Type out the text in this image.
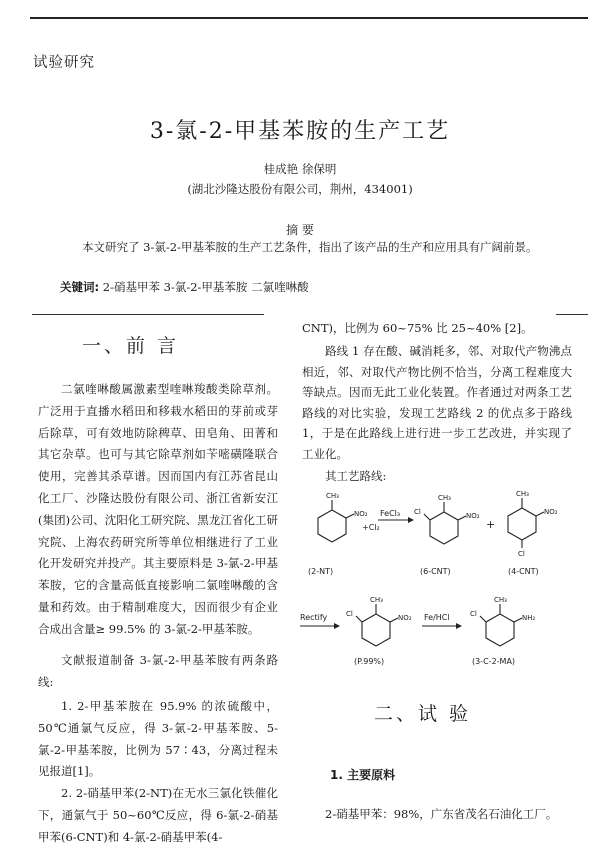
试验研究
3-氯-2-甲基苯胺的生产工艺
桂成艳 徐保明
(湖北沙隆达股份有限公司，荆州，434001)
摘 要
本文研究了 3-氯-2-甲基苯胺的生产工艺条件，指出了该产品的生产和应用具有广阔前景。
关键词: 2-硝基甲苯 3-氯-2-甲基苯胺 二氯喹啉酸
一、前 言
二氯喹啉酸属激素型喹啉羧酸类除草剂。广泛用于直播水稻田和移栽水稻田的芽前或芽后除草，可有效地防除稗草、田皂角、田菁和其它杂草。也可与其它除草剂如苄嘧磺隆联合使用，完善其杀草谱。因而国内有江苏省昆山化工厂、沙隆达股份有限公司、浙江省新安江(集团)公司、沈阳化工研究院、黑龙江省化工研究院、上海农药研究所等单位相继进行了工业化开发研究并投产。其主要原料是 3-氯-2-甲基苯胺，它的含量高低直接影响二氯喹啉酸的含量和药效。由于精制难度大，因而很少有企业合成出含量≥ 99.5% 的 3-氯-2-甲基苯胺。
文献报道制备 3-氯-2-甲基苯胺有两条路线:
1. 2-甲基苯胺在 95.9% 的浓硫酸中，50℃通氯气反应，得 3-氯-2-甲基苯胺、5-氯-2-甲基苯胺，比例为 57∶43，分离过程未见报道[1]。
2. 2-硝基甲苯(2-NT)在无水三氯化铁催化下，通氯气于 50~60℃反应，得 6-氯-2-硝基甲苯(6-CNT)和 4-氯-2-硝基甲苯(4-
CNT)，比例为 60~75% 比 25~40% [2]。
路线 1 存在酸、碱消耗多，邻、对取代产物沸点相近，邻、对取代产物比例不恰当，分离工程难度大等缺点。因而无此工业化装置。作者通过对两条工艺路线的对比实验，发现工艺路线 2 的优点多于路线 1，于是在此路线上进行进一步工艺改进，并实现了工业化。
其工艺路线:
CH₃
NO₂ FeCl₃
+Cl₂
(2-NT)
CH₃
Cl	NO₂
(6-CNT)
+
CH₃
NO₂
Cl
(4-CNT)
Rectify
CH₃
Cl	NO₂
(P.99%)
Fe/HCl
CH₃
Cl	NH₂
(3-C-2-MA)
二、试 验
1. 主要原料
2-硝基甲苯：98%，广东省茂名石油化工厂。
